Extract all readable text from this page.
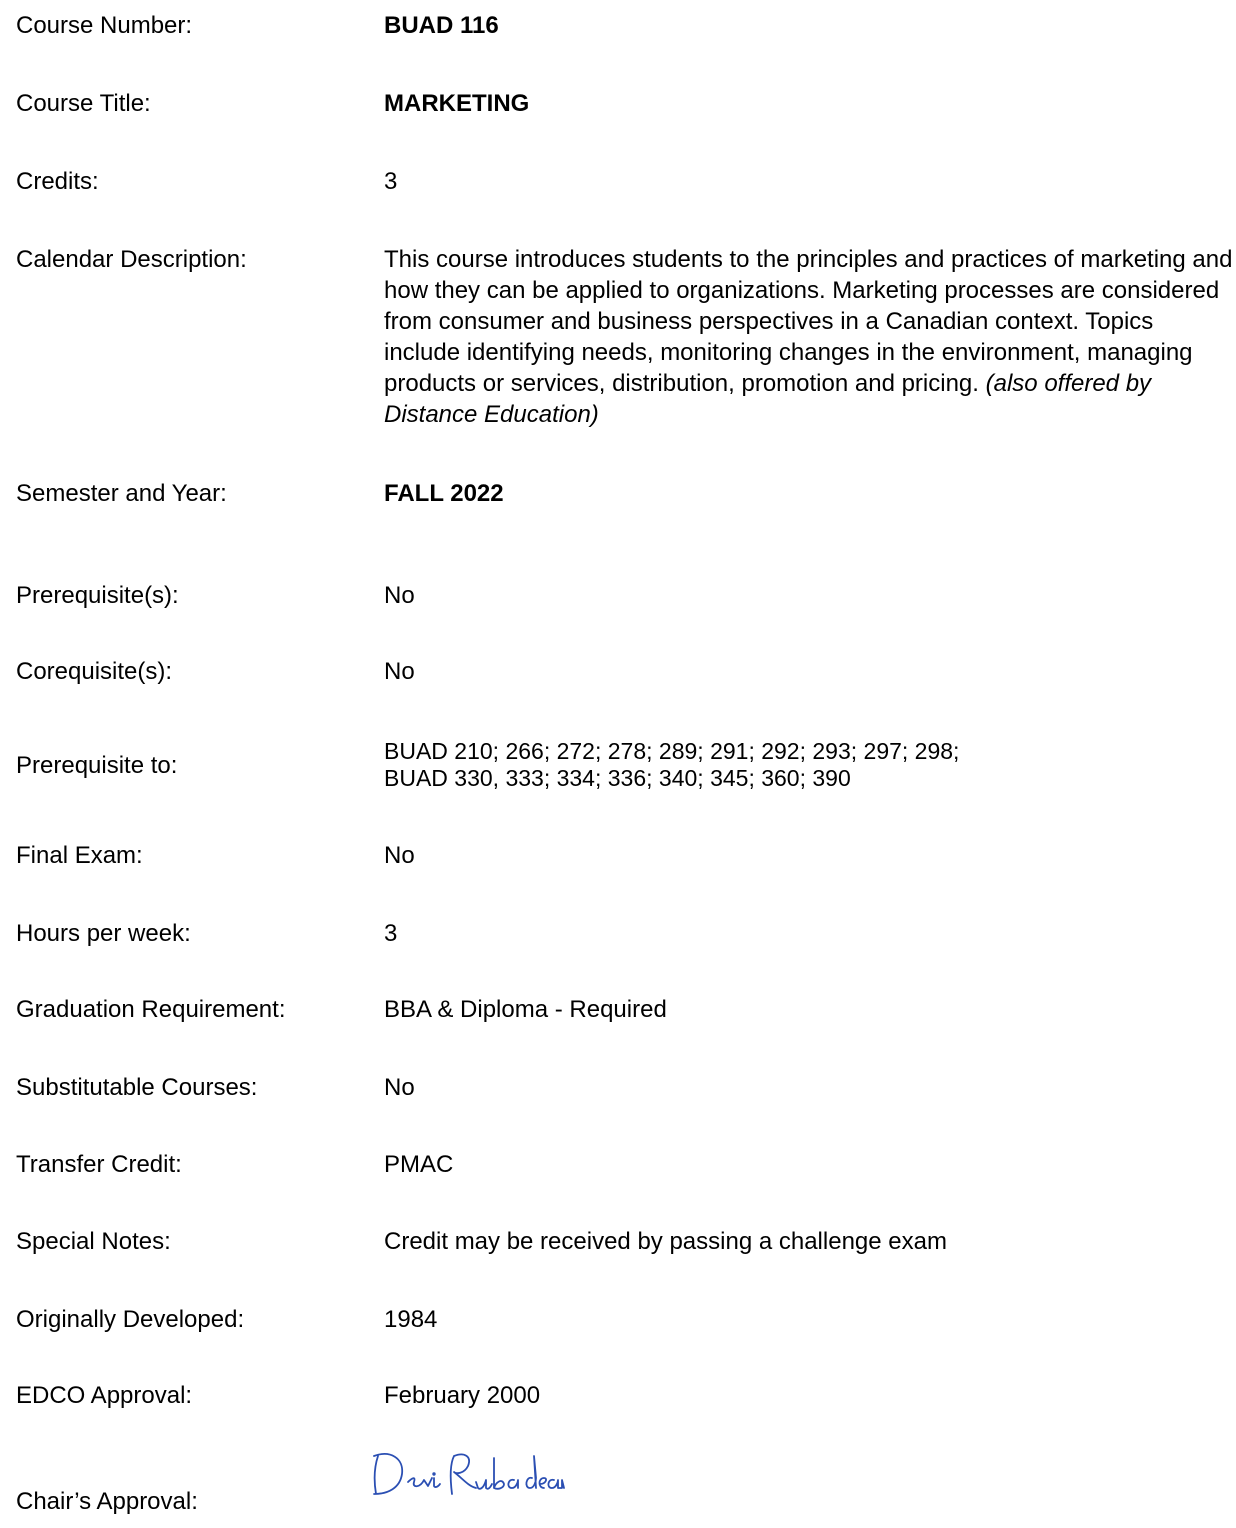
Course Number:	BUAD 116
Course Title:	MARKETING
Credits:	3
Calendar Description:	This course introduces students to the principles and practices of marketing and how they can be applied to organizations. Marketing processes are considered from consumer and business perspectives in a Canadian context. Topics include identifying needs, monitoring changes in the environment, managing products or services, distribution, promotion and pricing. (also offered by Distance Education)
Semester and Year:	FALL 2022
Prerequisite(s):	No
Corequisite(s):	No
Prerequisite to:
BUAD 210; 266; 272; 278; 289; 291; 292; 293; 297; 298;
BUAD 330, 333; 334; 336; 340; 345; 360; 390
Final Exam:	No
Hours per week:	3
Graduation Requirement:	BBA & Diploma - Required
Substitutable Courses:	No
Transfer Credit:	PMAC
Special Notes:	Credit may be received by passing a challenge exam
Originally Developed:	1984
EDCO Approval:	February 2000
Chair’s Approval:
